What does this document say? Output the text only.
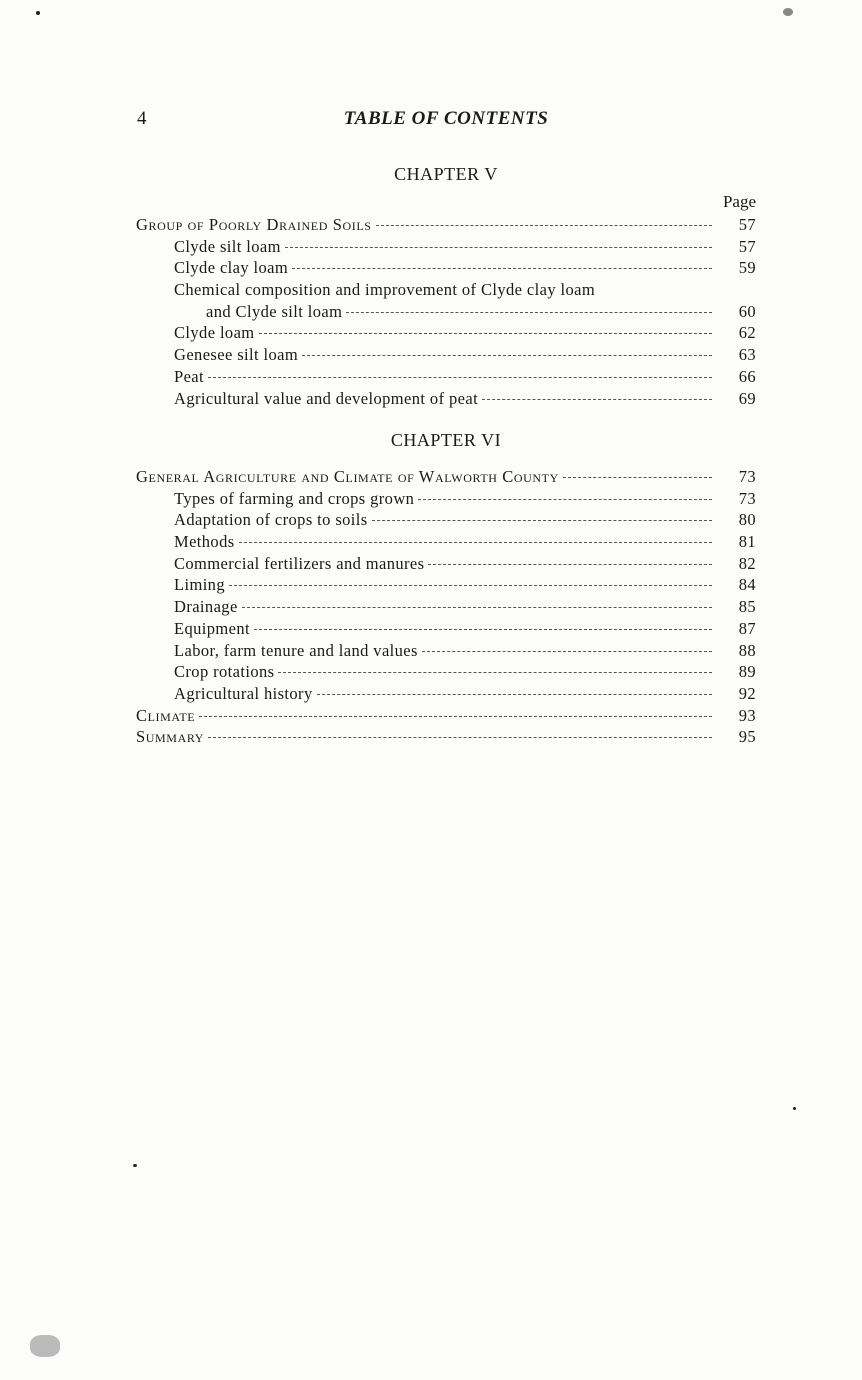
4	TABLE OF CONTENTS
CHAPTER V
Page
Group of Poorly Drained Soils	57
Clyde silt loam	57
Clyde clay loam	59
Chemical composition and improvement of Clyde clay loam
and Clyde silt loam	60
Clyde loam	62
Genesee silt loam	63
Peat	66
Agricultural value and development of peat	69
CHAPTER VI
General Agriculture and Climate of Walworth County	73
Types of farming and crops grown	73
Adaptation of crops to soils	80
Methods	81
Commercial fertilizers and manures	82
Liming	84
Drainage	85
Equipment	87
Labor, farm tenure and land values	88
Crop rotations	89
Agricultural history	92
Climate	93
Summary	95
